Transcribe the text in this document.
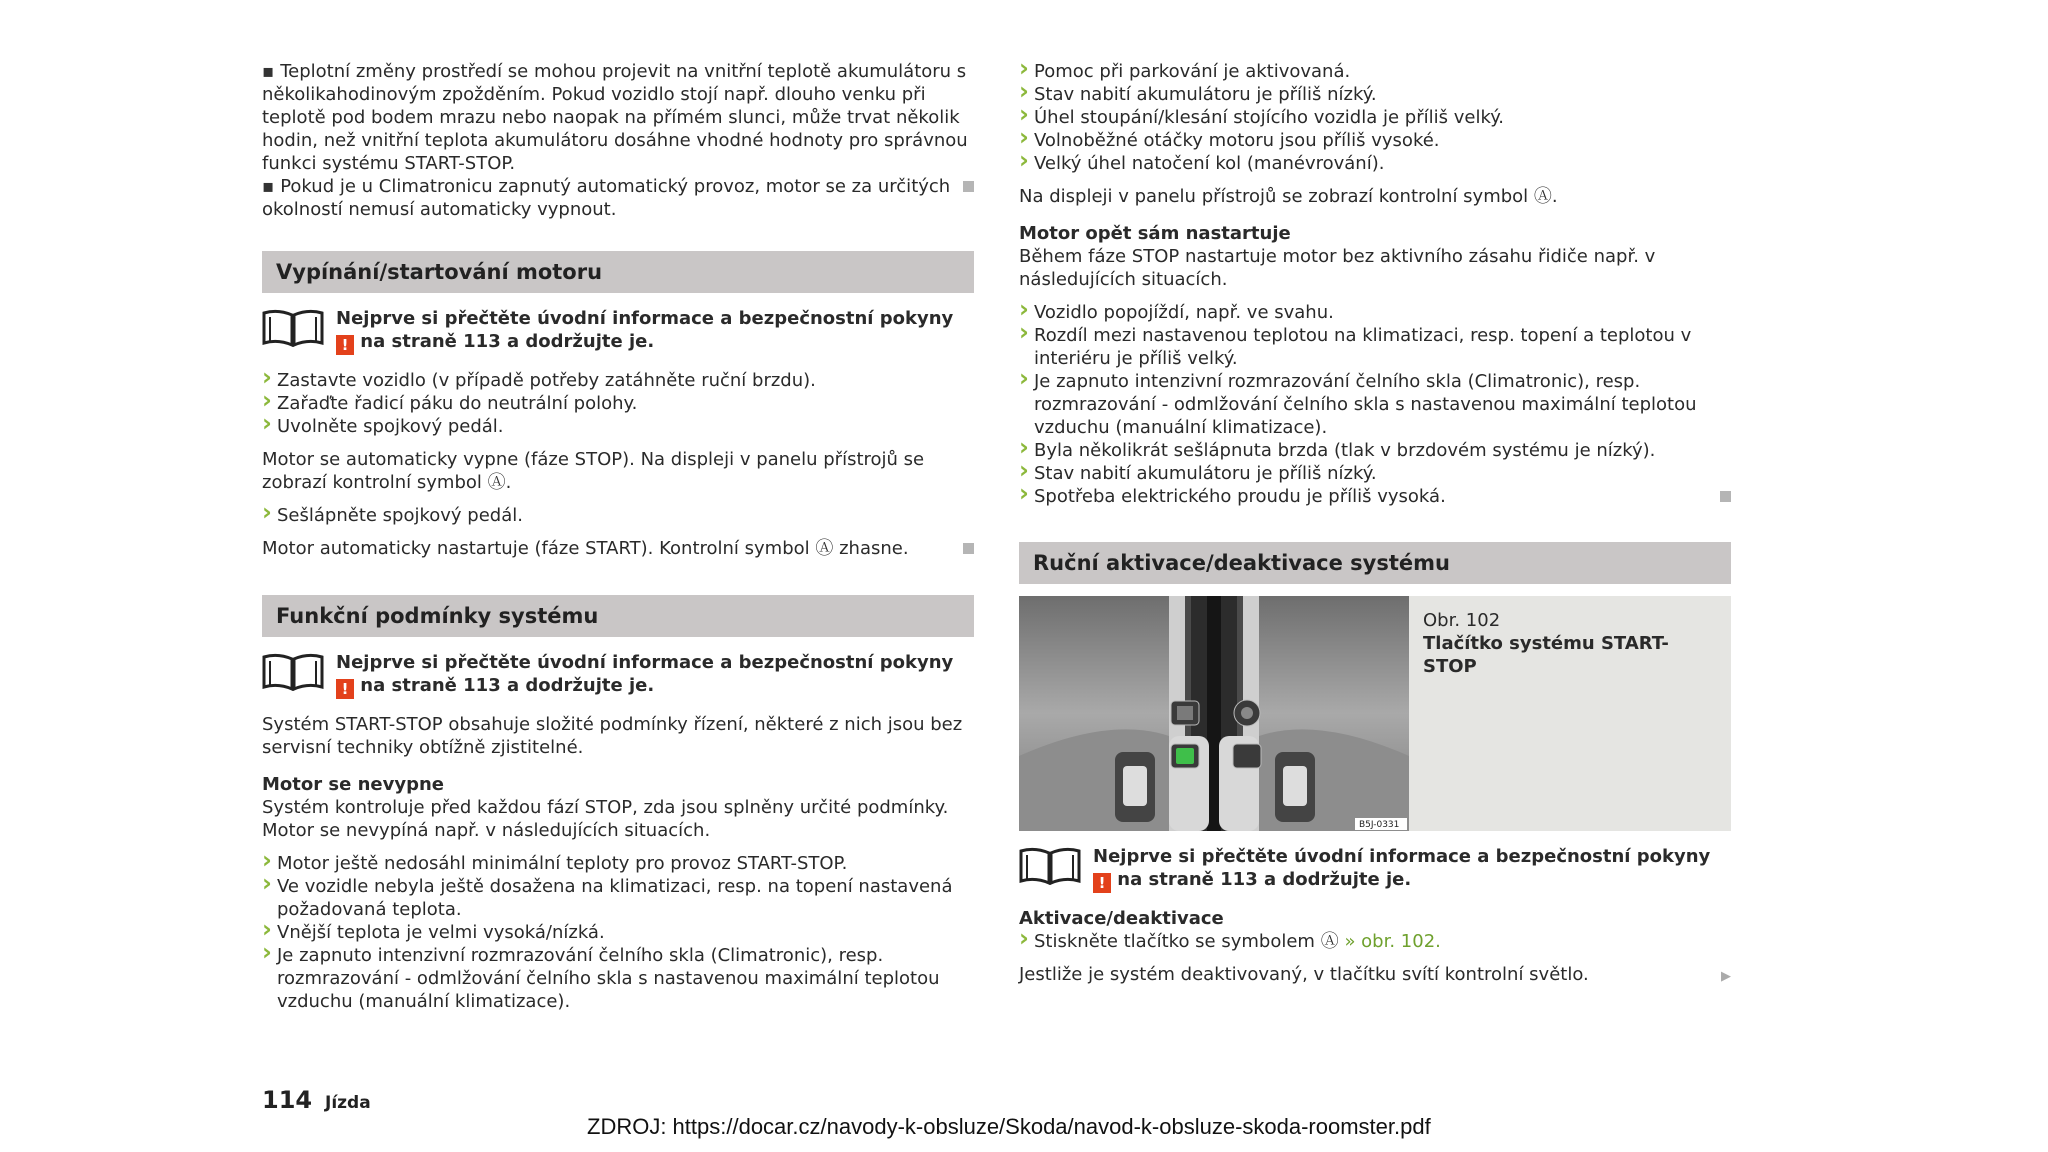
▪ Teplotní změny prostředí se mohou projevit na vnitřní teplotě akumulátoru s několikahodinovým zpožděním. Pokud vozidlo stojí např. dlouho venku při teplotě pod bodem mrazu nebo naopak na přímém slunci, může trvat několik hodin, než vnitřní teplota akumulátoru dosáhne vhodné hodnoty pro správnou funkci systému START-STOP.

▪ Pokud je u Climatronicu zapnutý automatický provoz, motor se za určitých okolností nemusí automaticky vypnout.

Vypínání/startování motoru
Nejprve si přečtěte úvodní informace a bezpečnostní pokyny ! na straně 113 a dodržujte je.
› Zastavte vozidlo (v případě potřeby zatáhněte ruční brzdu).
› Zařaďte řadicí páku do neutrální polohy.
› Uvolněte spojkový pedál.

Motor se automaticky vypne (fáze STOP). Na displeji v panelu přístrojů se zobrazí kontrolní symbol Ⓐ.

› Sešlápněte spojkový pedál.

Motor automaticky nastartuje (fáze START). Kontrolní symbol Ⓐ zhasne.

Funkční podmínky systému
Nejprve si přečtěte úvodní informace a bezpečnostní pokyny ! na straně 113 a dodržujte je.

Systém START-STOP obsahuje složité podmínky řízení, některé z nich jsou bez servisní techniky obtížně zjistitelné.

Motor se nevypne

Systém kontroluje před každou fází STOP, zda jsou splněny určité podmínky. Motor se nevypíná např. v následujících situacích.

› Motor ještě nedosáhl minimální teploty pro provoz START-STOP.
› Ve vozidle nebyla ještě dosažena na klimatizaci, resp. na topení nastavená požadovaná teplota.
› Vnější teplota je velmi vysoká/nízká.
› Je zapnuto intenzivní rozmrazování čelního skla (Climatronic), resp. rozmrazování - odmlžování čelního skla s nastavenou maximální teplotou vzduchu (manuální klimatizace).
› Pomoc při parkování je aktivovaná.
› Stav nabití akumulátoru je příliš nízký.
› Úhel stoupání/klesání stojícího vozidla je příliš velký.
› Volnoběžné otáčky motoru jsou příliš vysoké.
› Velký úhel natočení kol (manévrování).

Na displeji v panelu přístrojů se zobrazí kontrolní symbol Ⓐ.

Motor opět sám nastartuje

Během fáze STOP nastartuje motor bez aktivního zásahu řidiče např. v následujících situacích.

› Vozidlo popojíždí, např. ve svahu.
› Rozdíl mezi nastavenou teplotou na klimatizaci, resp. topení a teplotou v interiéru je příliš velký.
› Je zapnuto intenzivní rozmrazování čelního skla (Climatronic), resp. rozmrazování - odmlžování čelního skla s nastavenou maximální teplotou vzduchu (manuální klimatizace).
› Byla několikrát sešlápnuta brzda (tlak v brzdovém systému je nízký).
› Stav nabití akumulátoru je příliš nízký.
› Spotřeba elektrického proudu je příliš vysoká.
Ruční aktivace/deaktivace systému
B5J-0331

Obr. 102

Tlačítko systému START-STOP

Nejprve si přečtěte úvodní informace a bezpečnostní pokyny ! na straně 113 a dodržujte je.

Aktivace/deaktivace

› Stiskněte tlačítko se symbolem Ⓐ » obr. 102.
▶

Jestliže je systém deaktivovaný, v tlačítku svítí kontrolní světlo.

114 Jízda
ZDROJ: https://docar.cz/navody-k-obsluze/Skoda/navod-k-obsluze-skoda-roomster.pdf
